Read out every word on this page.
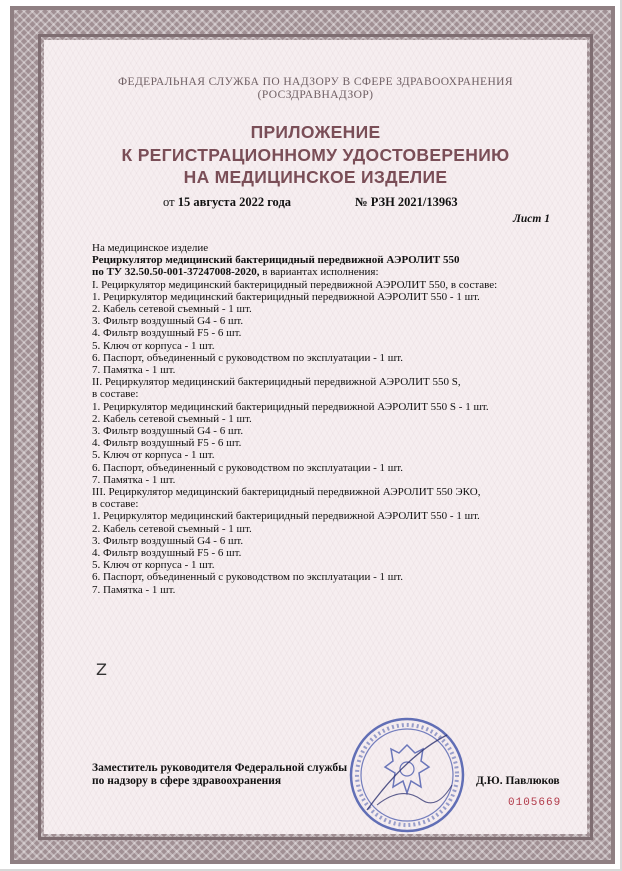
ФЕДЕРАЛЬНАЯ СЛУЖБА ПО НАДЗОРУ В СФЕРЕ ЗДРАВООХРАНЕНИЯ
(РОСЗДРАВНАДЗОР)
ПРИЛОЖЕНИЕ
К РЕГИСТРАЦИОННОМУ УДОСТОВЕРЕНИЮ
НА МЕДИЦИНСКОЕ ИЗДЕЛИЕ
от 15 августа 2022 года	№ РЗН 2021/13963
Лист 1
На медицинское изделие
Рециркулятор медицинский бактерицидный передвижной АЭРОЛИТ 550
по ТУ 32.50.50-001-37247008-2020, в вариантах исполнения:
I. Рециркулятор медицинский бактерицидный передвижной АЭРОЛИТ 550, в составе:
1. Рециркулятор медицинский бактерицидный передвижной АЭРОЛИТ 550 - 1 шт.
2. Кабель сетевой съемный - 1 шт.
3. Фильтр воздушный G4 - 6 шт.
4. Фильтр воздушный F5 - 6 шт.
5. Ключ от корпуса - 1 шт.
6. Паспорт, объединенный с руководством по эксплуатации - 1 шт.
7. Памятка - 1 шт.
II. Рециркулятор медицинский бактерицидный передвижной АЭРОЛИТ 550 S,
в составе:
1. Рециркулятор медицинский бактерицидный передвижной АЭРОЛИТ 550 S - 1 шт.
2. Кабель сетевой съемный - 1 шт.
3. Фильтр воздушный G4 - 6 шт.
4. Фильтр воздушный F5 - 6 шт.
5. Ключ от корпуса - 1 шт.
6. Паспорт, объединенный с руководством по эксплуатации - 1 шт.
7. Памятка - 1 шт.
III. Рециркулятор медицинский бактерицидный передвижной АЭРОЛИТ 550 ЭКО,
в составе:
1. Рециркулятор медицинский бактерицидный передвижной АЭРОЛИТ 550 - 1 шт.
2. Кабель сетевой съемный - 1 шт.
3. Фильтр воздушный G4 - 6 шт.
4. Фильтр воздушный F5 - 6 шт.
5. Ключ от корпуса - 1 шт.
6. Паспорт, объединенный с руководством по эксплуатации - 1 шт.
7. Памятка - 1 шт.
Z
Заместитель руководителя Федеральной службы
по надзору в сфере здравоохранения	Д.Ю. Павлюков
0105669
